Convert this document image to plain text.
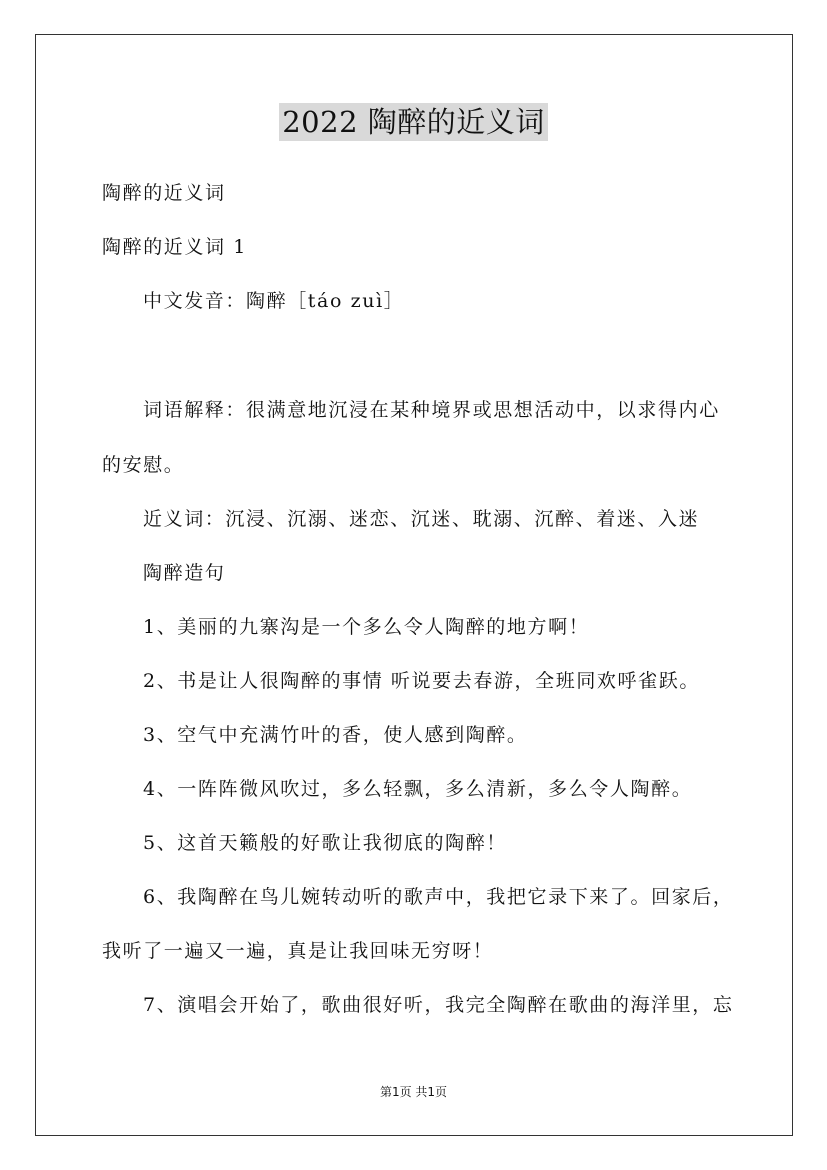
2022 陶醉的近义词
陶醉的近义词
陶醉的近义词 1
中文发音：陶醉［táo zuì］
词语解释：很满意地沉浸在某种境界或思想活动中，以求得内心
的安慰。
近义词：沉浸、沉溺、迷恋、沉迷、耽溺、沉醉、着迷、入迷
陶醉造句
1、美丽的九寨沟是一个多么令人陶醉的地方啊！
2、书是让人很陶醉的事情 听说要去春游，全班同欢呼雀跃。
3、空气中充满竹叶的香，使人感到陶醉。
4、一阵阵微风吹过，多么轻飘，多么清新，多么令人陶醉。
5、这首天籁般的好歌让我彻底的陶醉！
6、我陶醉在鸟儿婉转动听的歌声中，我把它录下来了。回家后，
我听了一遍又一遍，真是让我回味无穷呀！
7、演唱会开始了，歌曲很好听，我完全陶醉在歌曲的海洋里，忘
第1页 共1页
